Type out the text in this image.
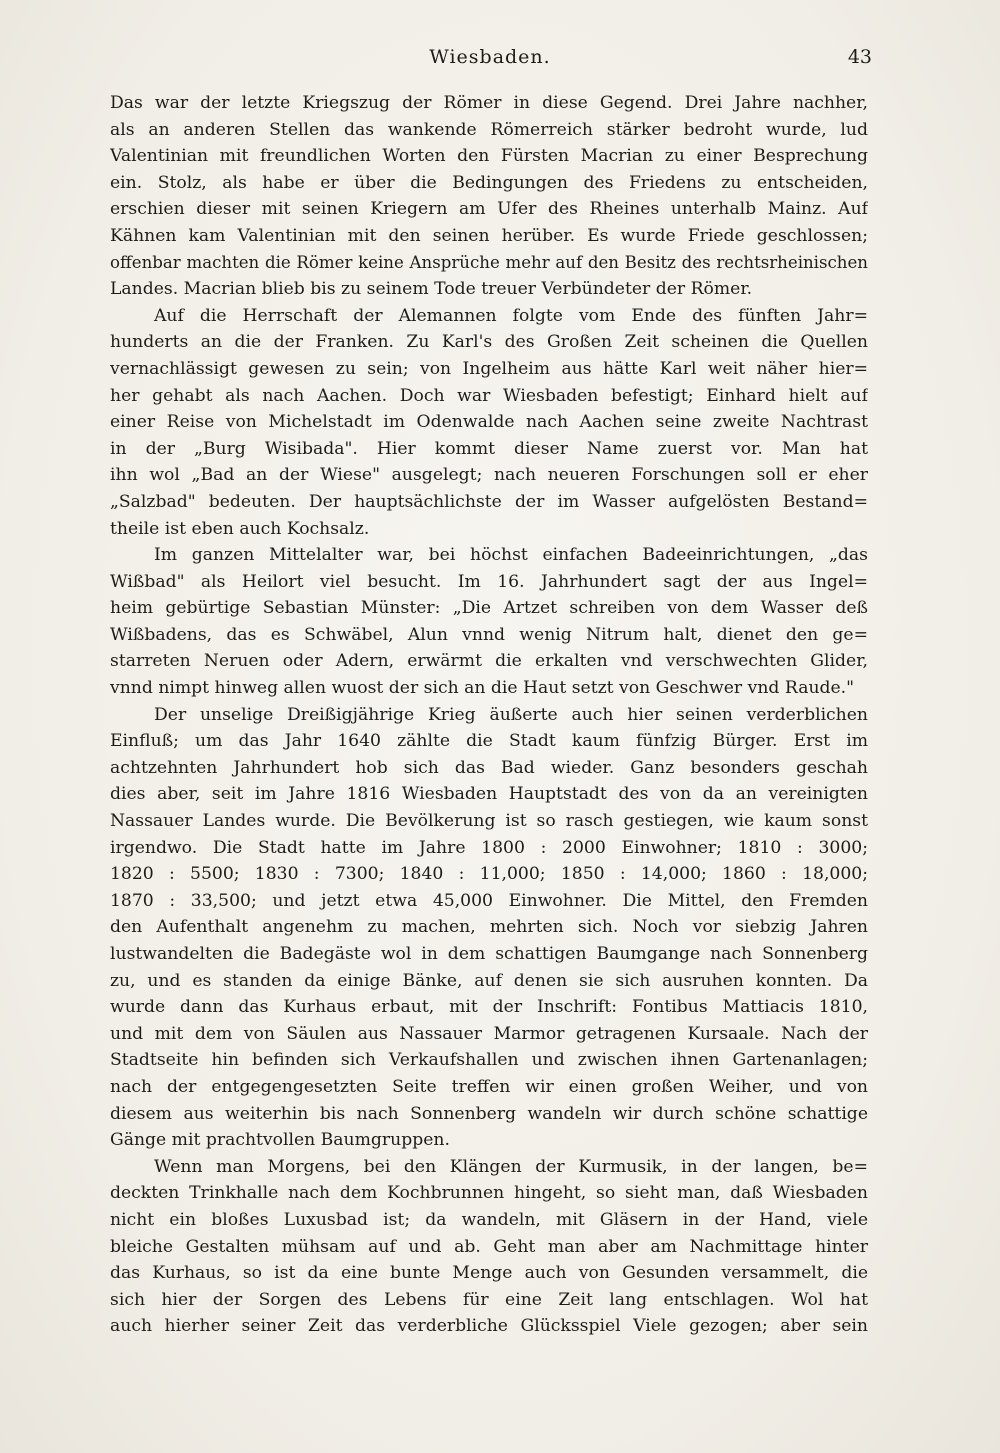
Wiesbaden.	43
Das war der letzte Kriegszug der Römer in diese Gegend. Drei Jahre nachher,
als an anderen Stellen das wankende Römerreich stärker bedroht wurde, lud
Valentinian mit freundlichen Worten den Fürsten Macrian zu einer Besprechung
ein. Stolz, als habe er über die Bedingungen des Friedens zu entscheiden,
erschien dieser mit seinen Kriegern am Ufer des Rheines unterhalb Mainz. Auf
Kähnen kam Valentinian mit den seinen herüber. Es wurde Friede geschlossen;
offenbar machten die Römer keine Ansprüche mehr auf den Besitz des rechtsrheinischen
Landes. Macrian blieb bis zu seinem Tode treuer Verbündeter der Römer.
Auf die Herrschaft der Alemannen folgte vom Ende des fünften Jahr=
hunderts an die der Franken. Zu Karl's des Großen Zeit scheinen die Quellen
vernachlässigt gewesen zu sein; von Ingelheim aus hätte Karl weit näher hier=
her gehabt als nach Aachen. Doch war Wiesbaden befestigt; Einhard hielt auf
einer Reise von Michelstadt im Odenwalde nach Aachen seine zweite Nachtrast
in der „Burg Wisibada". Hier kommt dieser Name zuerst vor. Man hat
ihn wol „Bad an der Wiese" ausgelegt; nach neueren Forschungen soll er eher
„Salzbad" bedeuten. Der hauptsächlichste der im Wasser aufgelösten Bestand=
theile ist eben auch Kochsalz.
Im ganzen Mittelalter war, bei höchst einfachen Badeeinrichtungen, „das
Wißbad" als Heilort viel besucht. Im 16. Jahrhundert sagt der aus Ingel=
heim gebürtige Sebastian Münster: „Die Artzet schreiben von dem Wasser deß
Wißbadens, das es Schwäbel, Alun vnnd wenig Nitrum halt, dienet den ge=
starreten Neruen oder Adern, erwärmt die erkalten vnd verschwechten Glider,
vnnd nimpt hinweg allen wuost der sich an die Haut setzt von Geschwer vnd Raude."
Der unselige Dreißigjährige Krieg äußerte auch hier seinen verderblichen
Einfluß; um das Jahr 1640 zählte die Stadt kaum fünfzig Bürger. Erst im
achtzehnten Jahrhundert hob sich das Bad wieder. Ganz besonders geschah
dies aber, seit im Jahre 1816 Wiesbaden Hauptstadt des von da an vereinigten
Nassauer Landes wurde. Die Bevölkerung ist so rasch gestiegen, wie kaum sonst
irgendwo. Die Stadt hatte im Jahre 1800 : 2000 Einwohner; 1810 : 3000;
1820 : 5500; 1830 : 7300; 1840 : 11,000; 1850 : 14,000; 1860 : 18,000;
1870 : 33,500; und jetzt etwa 45,000 Einwohner. Die Mittel, den Fremden
den Aufenthalt angenehm zu machen, mehrten sich. Noch vor siebzig Jahren
lustwandelten die Badegäste wol in dem schattigen Baumgange nach Sonnenberg
zu, und es standen da einige Bänke, auf denen sie sich ausruhen konnten. Da
wurde dann das Kurhaus erbaut, mit der Inschrift: Fontibus Mattiacis 1810,
und mit dem von Säulen aus Nassauer Marmor getragenen Kursaale. Nach der
Stadtseite hin befinden sich Verkaufshallen und zwischen ihnen Gartenanlagen;
nach der entgegengesetzten Seite treffen wir einen großen Weiher, und von
diesem aus weiterhin bis nach Sonnenberg wandeln wir durch schöne schattige
Gänge mit prachtvollen Baumgruppen.
Wenn man Morgens, bei den Klängen der Kurmusik, in der langen, be=
deckten Trinkhalle nach dem Kochbrunnen hingeht, so sieht man, daß Wiesbaden
nicht ein bloßes Luxusbad ist; da wandeln, mit Gläsern in der Hand, viele
bleiche Gestalten mühsam auf und ab. Geht man aber am Nachmittage hinter
das Kurhaus, so ist da eine bunte Menge auch von Gesunden versammelt, die
sich hier der Sorgen des Lebens für eine Zeit lang entschlagen. Wol hat
auch hierher seiner Zeit das verderbliche Glücksspiel Viele gezogen; aber sein
